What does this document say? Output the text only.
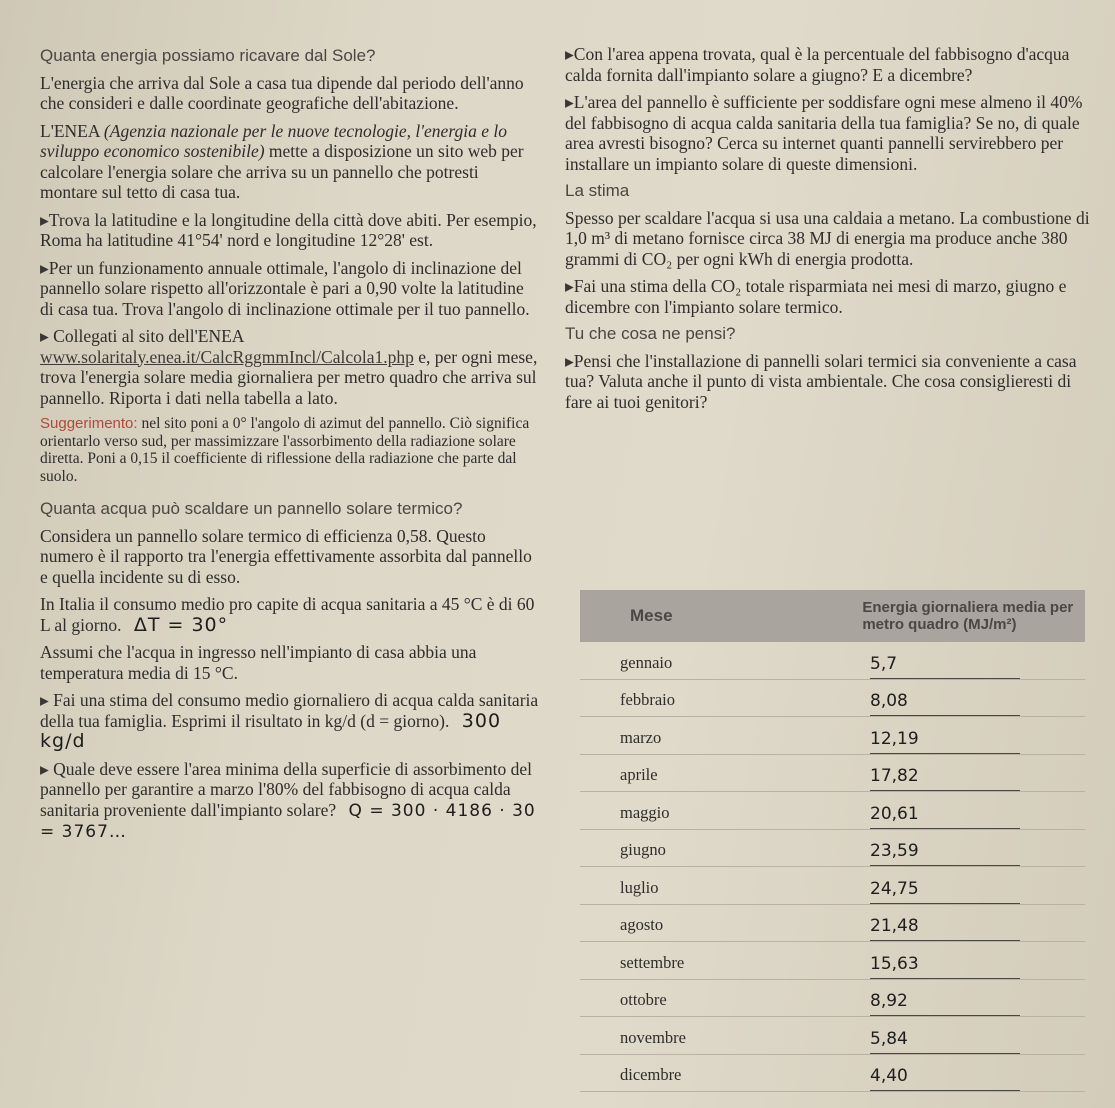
Quanta energia possiamo ricavare dal Sole?
L'energia che arriva dal Sole a casa tua dipende dal periodo dell'anno che consideri e dalle coordinate geografiche dell'abitazione.
L'ENEA (Agenzia nazionale per le nuove tecnologie, l'energia e lo sviluppo economico sostenibile) mette a disposizione un sito web per calcolare l'energia solare che arriva su un pannello che potresti montare sul tetto di casa tua.
▸ Trova la latitudine e la longitudine della città dove abiti. Per esempio, Roma ha latitudine 41°54' nord e longitudine 12°28' est.
▸ Per un funzionamento annuale ottimale, l'angolo di inclinazione del pannello solare rispetto all'orizzontale è pari a 0,90 volte la latitudine di casa tua. Trova l'angolo di inclinazione ottimale per il tuo pannello.
▸ Collegati al sito dell'ENEA www.solaritaly.enea.it/CalcRggmmIncl/Calcola1.php e, per ogni mese, trova l'energia solare media giornaliera per metro quadro che arriva sul pannello. Riporta i dati nella tabella a lato.
Suggerimento: nel sito poni a 0° l'angolo di azimut del pannello. Ciò significa orientarlo verso sud, per massimizzare l'assorbimento della radiazione solare diretta. Poni a 0,15 il coefficiente di riflessione della radiazione che parte dal suolo.
Quanta acqua può scaldare un pannello solare termico?
Considera un pannello solare termico di efficienza 0,58. Questo numero è il rapporto tra l'energia effettivamente assorbita dal pannello e quella incidente su di esso.
In Italia il consumo medio pro capite di acqua sanitaria a 45 °C è di 60 L al giorno. ΔT = 30°
Assumi che l'acqua in ingresso nell'impianto di casa abbia una temperatura media di 15 °C.
▸ Fai una stima del consumo medio giornaliero di acqua calda sanitaria della tua famiglia. Esprimi il risultato in kg/d (d = giorno). 300 kg/d
▸ Quale deve essere l'area minima della superficie di assorbimento del pannello per garantire a marzo l'80% del fabbisogno di acqua calda sanitaria proveniente dall'impianto solare? Q = 300 · 4186 · 30 = 3767…
▸ Con l'area appena trovata, qual è la percentuale del fabbisogno d'acqua calda fornita dall'impianto solare a giugno? E a dicembre?
▸ L'area del pannello è sufficiente per soddisfare ogni mese almeno il 40% del fabbisogno di acqua calda sanitaria della tua famiglia? Se no, di quale area avresti bisogno? Cerca su internet quanti pannelli servirebbero per installare un impianto solare di queste dimensioni.
La stima
Spesso per scaldare l'acqua si usa una caldaia a metano. La combustione di 1,0 m³ di metano fornisce circa 38 MJ di energia ma produce anche 380 grammi di CO₂ per ogni kWh di energia prodotta.
▸ Fai una stima della CO₂ totale risparmiata nei mesi di marzo, giugno e dicembre con l'impianto solare termico.
Tu che cosa ne pensi?
▸ Pensi che l'installazione di pannelli solari termici sia conveniente a casa tua? Valuta anche il punto di vista ambientale. Che cosa consiglieresti di fare ai tuoi genitori?
Mese	Energia giornaliera media per metro quadro (MJ/m²)
gennaio	5,7
febbraio	8,08
marzo	12,19
aprile	17,82
maggio	20,61
giugno	23,59
luglio	24,75
agosto	21,48
settembre	15,63
ottobre	8,92
novembre	5,84
dicembre	4,40
